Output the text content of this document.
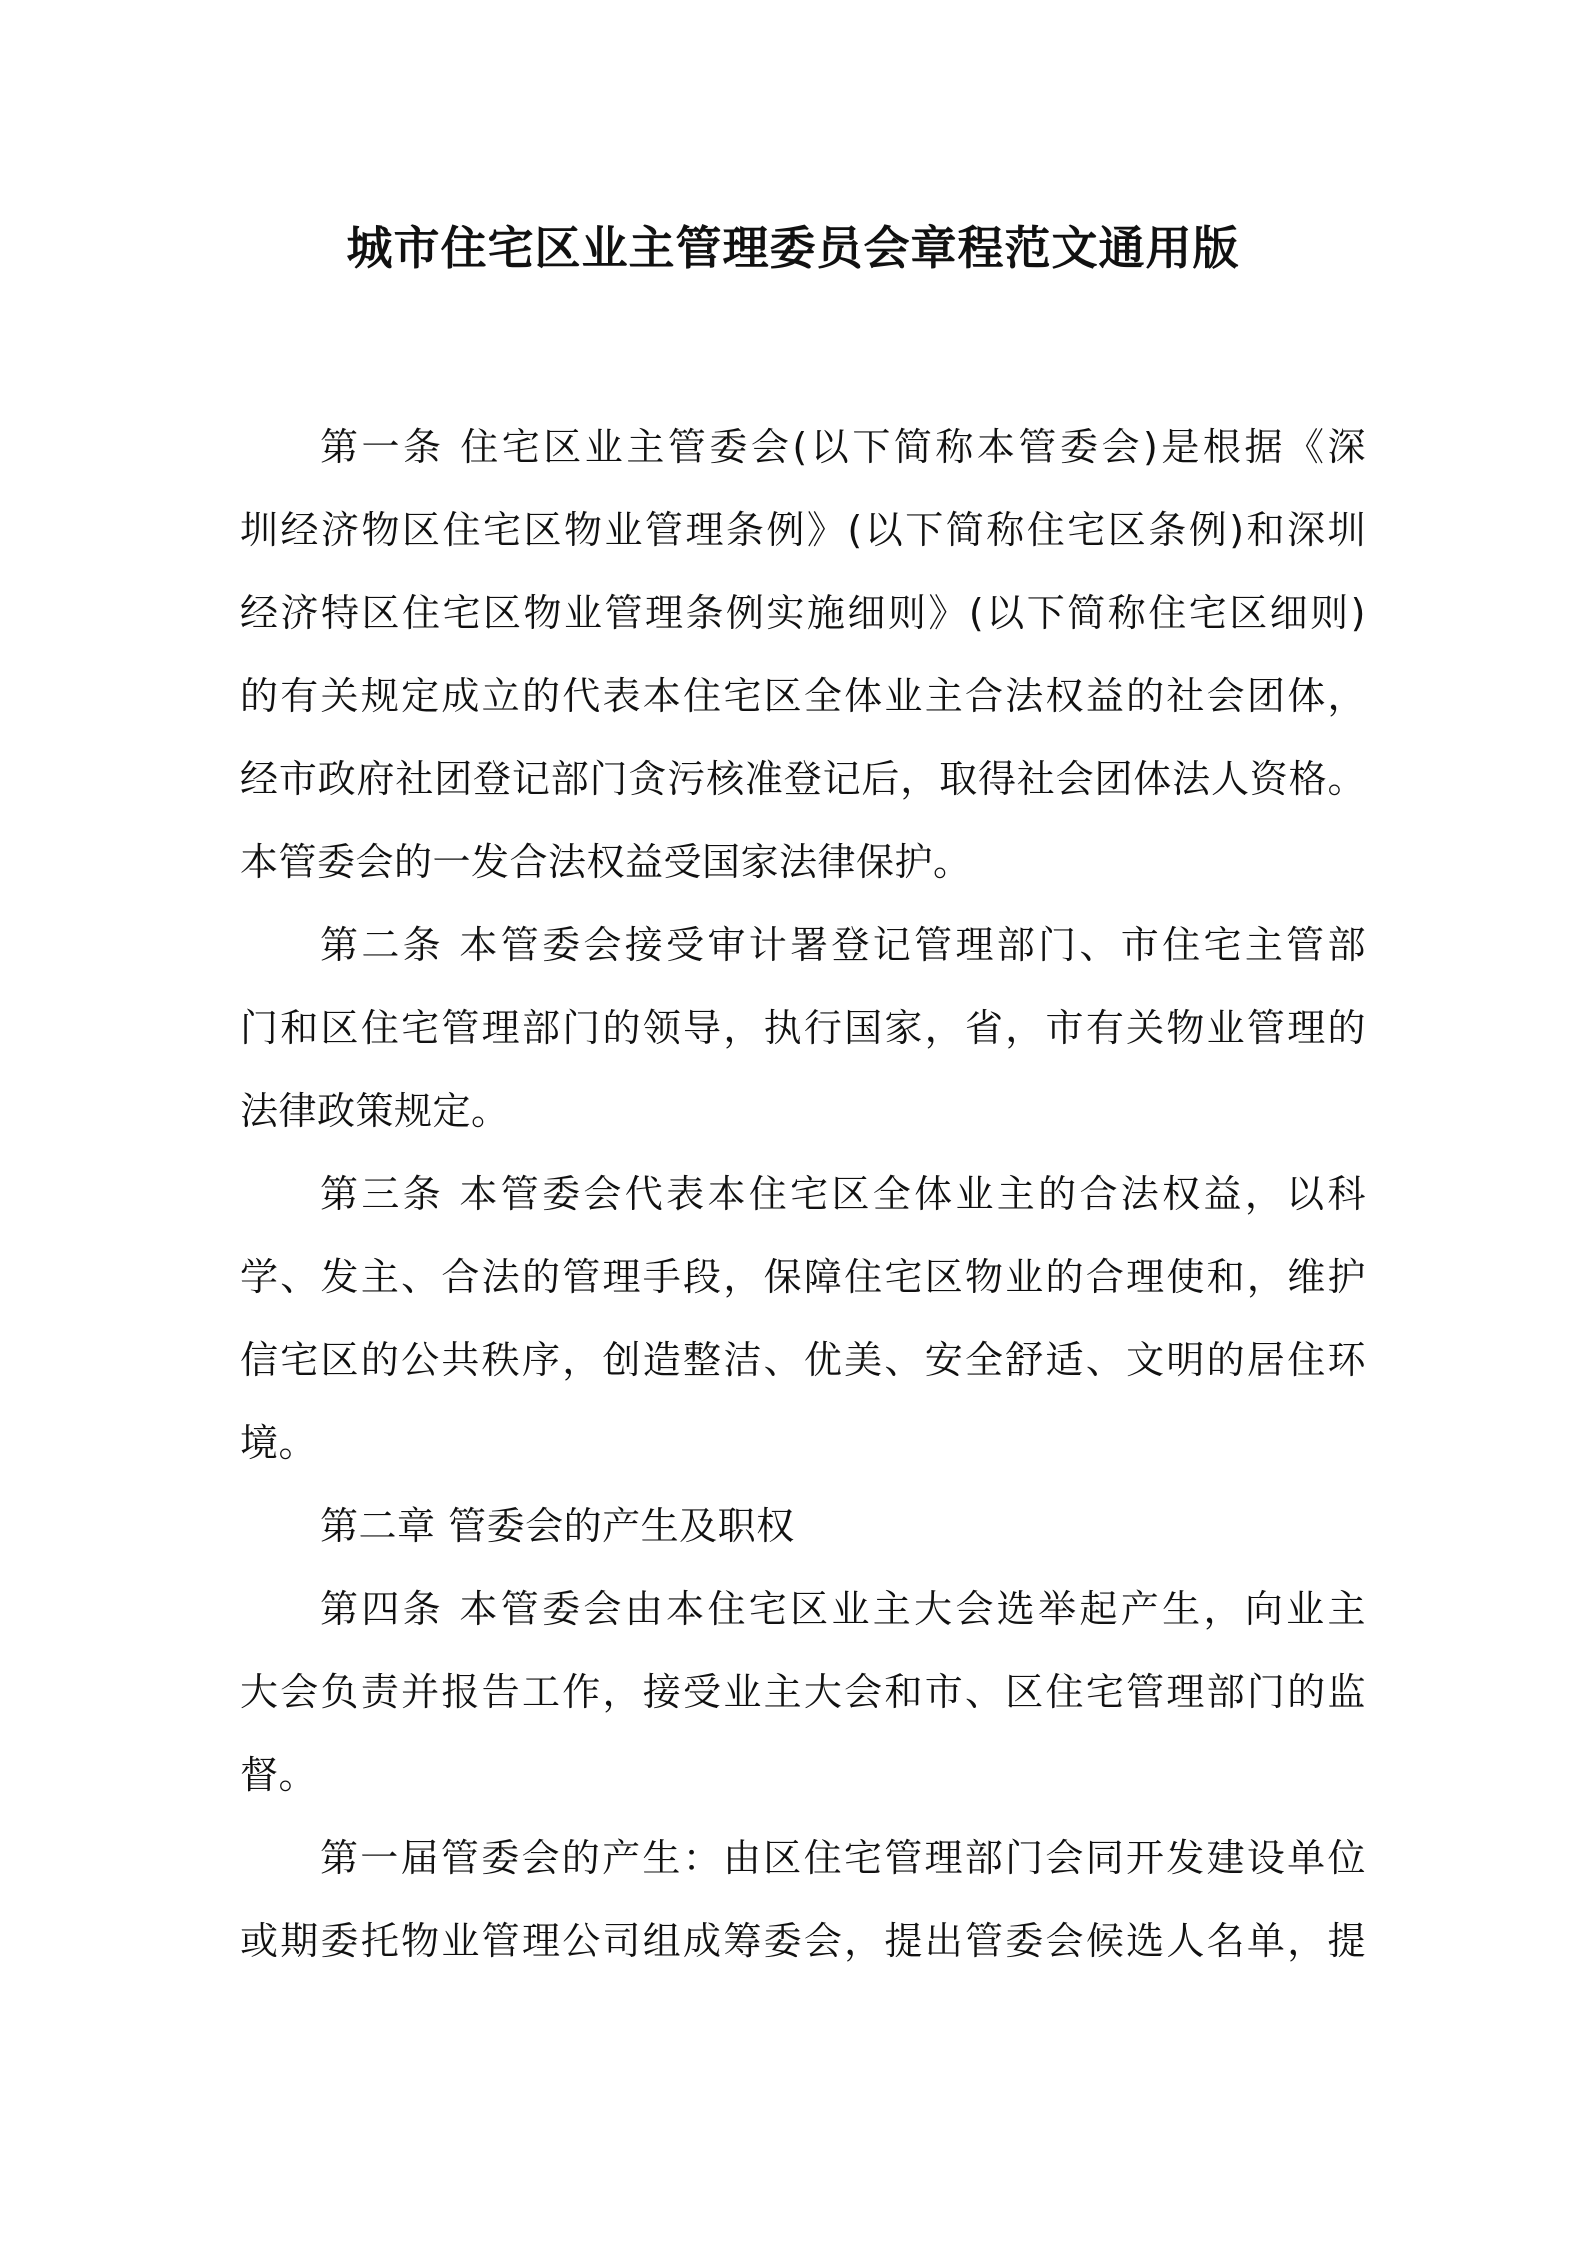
城市住宅区业主管理委员会章程范文通用版
第一条 住宅区业主管委会(以下简称本管委会)是根据《深
圳经济物区住宅区物业管理条例》(以下简称住宅区条例)和深圳
经济特区住宅区物业管理条例实施细则》(以下简称住宅区细则)
的有关规定成立的代表本住宅区全体业主合法权益的社会团体，
经市政府社团登记部门贪污核准登记后，取得社会团体法人资格。
本管委会的一发合法权益受国家法律保护。
第二条 本管委会接受审计署登记管理部门、市住宅主管部
门和区住宅管理部门的领导，执行国家，省，市有关物业管理的
法律政策规定。
第三条 本管委会代表本住宅区全体业主的合法权益，以科
学、发主、合法的管理手段，保障住宅区物业的合理使和，维护
信宅区的公共秩序，创造整洁、优美、安全舒适、文明的居住环
境。
第二章 管委会的产生及职权
第四条 本管委会由本住宅区业主大会选举起产生，向业主
大会负责并报告工作，接受业主大会和市、区住宅管理部门的监
督。
第一届管委会的产生：由区住宅管理部门会同开发建设单位
或期委托物业管理公司组成筹委会，提出管委会候选人名单，提
